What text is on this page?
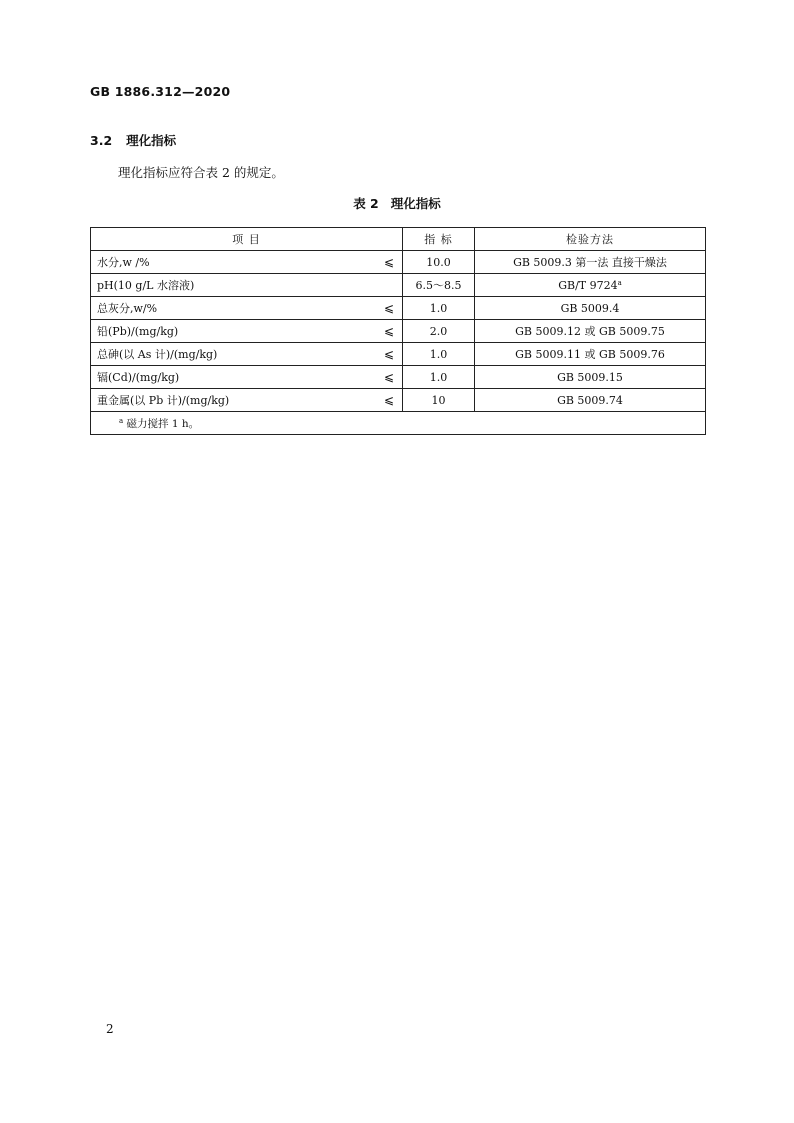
GB 1886.312—2020
3.2 理化指标
理化指标应符合表 2 的规定。
表 2 理化指标
项 目	指 标	检验方法
水分,w /% ⩽	10.0	GB 5009.3 第一法 直接干燥法
pH(10 g/L 水溶液)	6.5～8.5	GB/T 9724$^a$
总灰分,w/% ⩽	1.0	GB 5009.4
铅(Pb)/(mg/kg) ⩽	2.0	GB 5009.12 或 GB 5009.75
总砷(以 As 计)/(mg/kg) ⩽	1.0	GB 5009.11 或 GB 5009.76
镉(Cd)/(mg/kg) ⩽	1.0	GB 5009.15
重金属(以 Pb 计)/(mg/kg) ⩽	10	GB 5009.74
$^a$ 磁力搅拌 1 h。		
2
